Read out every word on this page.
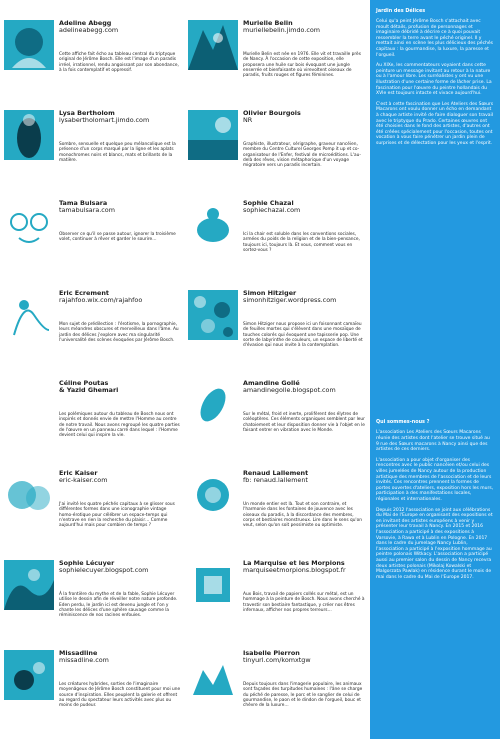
Adeline Abegg

adelineabegg.com

Cette affiche fait écho au tableau central du triptyque original de Jérôme Bosch. Elle est l'image d'un paradis irréel, irrationnel, rendu angoissant par son abondance, à la fois contemplatif et oppressif.

Murielle Belin

muriellebelin.jimdo.com

Murielle Belin est née en 1976. Elle vit et travaille près de Nancy. À l'occasion de cette exposition, elle proposera une huile sur bois évoquant une jungle enserrée et bienfaisante où virevoltent oiseaux de paradis, fruits rouges et figures féminines.

Lysa Bertholom

lysabertholomart.jimdo.com

Sombre, sensuelle et quelque peu mélancolique est la présence d'un corps marqué par la ligne et les aplats monochromes noirs et blancs, mats et brillants de la matière.

Olivier Bourgois

NR

Graphiste, illustrateur, sérigraphe, graveur nancéien, membre du Centre Culturel Georges Pomp it up et co-organisateur de l'Enfer, festival de microéditions. L'au-delà des rêves, vision métaphorique d'un voyage migratoire vers un paradis incertain.

Tama Bulsara

tamabulsara.com

Observer ce qu'il se passe autour, ignorer la troisième volet, continuer à rêver et garder le sourire…

Sophie Chazal

sophiechazal.com

Ici la chair est soluble dans les conventions sociales, armées du poids de la religion et de la bien-pensance, toujours ici, toujours là. Et vous, comment vous en sortez-vous ?

Eric Ecrement

rajahfoo.wix.com/rajahfoo

Mon sujet de prédilection : l'érotisme, la pornographie, leurs méandres obscures et merveilleux dans l'âme. Au jardin des délices j'explore avec ma singularité l'universalité des scènes évoquées par Jérôme Bosch.

Simon Hitziger

simonhitziger.wordpress.com

Simon Hitziger nous propose ici un foisonnant camaïeu de feuilles mortes qui s'élèvent dans une mosaïque de touches colorés qui évoquent une tapisserie pop. Une sorte de labyrinthe de couleurs, un espace de liberté et d'évasion qui nous invite à la contemplation.

Céline Poutas
& Yazid Ghemari

Les polémiques autour du tableau de Bosch nous ont inspirés et donnés envie de mettre l'Homme au centre de notre travail. Nous avons regroupé les quatre parties de l'œuvre en un panneau carré dans lequel : l'Homme devient celui qui inspire la vie.

Amandine Gollé

amandinegolle.blogspot.com

Sur le métal, froid et inerte, prolifèrent des élytres de coléoptères. Ces éléments organiques semblent par leur chatoiement et leur disposition donner vie à l'objet en le faisant entrer en vibration avec le Monde.

Eric Kaiser

eric-kaiser.com

J'ai invité les quatre péchés capitaux à se glisser sous différentes formes dans une iconographie vintage homo-érotique pour célébrer un espace-temps qui n'entrave en rien la recherche du plaisir… Comme aujourd'hui mais pour combien de temps ?

Renaud Lallement

fb: renaud.lallement

Un monde entier est là. Tout et son contraire, et l'harmonie dans les fontaines de jouvence avec les oiseaux du paradis, à la discordance des membres, corps et bestiaires monstrueux. Lire dans le sens qu'on veut, selon qu'on soit pessimiste ou optimiste.

Sophie Lécuyer

sophielecuyer.blogspot.com

À la frontière du mythe et de la fable, Sophie Lécuyer utilise le dessin afin de réveiller notre nature profonde. Eden perdu, le jardin ici est devenu jungle et l'on y chante les délices d'une sphère sauvage comme la réminiscence de nos racines enfouies.

La Marquise et les Morpions

marquiseetmorpions.blogspot.fr

Aux Bois, travail de papiers collés sur métal, est un hommage à la peinture de Bosch. Nous avons cherché à travestir son bestiaire fantastique, y créer nos êtres infernaux, afficher nos propres terreurs…

Missadline

missadline.com

Les créatures hybrides, sorties de l'imaginaire moyenâgeux de Jérôme Bosch constituent pour moi une source d'inspiration. Elles peuplent la galerie et offrent au regard du spectateur leurs activités avec plus ou moins de pudeur.

Isabelle Pierron

tinyurl.com/komxtgw

Depuis toujours dans l'imagerie populaire, les animaux sont façades des turpitudes humaines : l'âne se charge du péché de paresse, le porc et le sanglier de celui de gourmandise, le paon et le dindon de l'orgueil, bouc et chèvre de la luxure…

Jardin des Délices

Celui qu'a peint Jérôme Bosch s'attachait avec moult détails, profusion de personnages et imaginaire débridé à décrire ce à quoi pouvait ressembler la terre avant le péché originel. Il y mettait ainsi en scène les plus délicieux des péchés capitaux : la gourmandise, la luxure, la paresse et l'orgueil.

Au XIXe, les commentateurs voyaient dans cette peinture un message invitant au retour à la nature ou à l'amour libre. Les surréalistes y ont vu une illustration d'une certaine forme de lâcher prise. La fascination pour l'œuvre du peintre hollandais du XVIe est toujours intacte et vivace aujourd'hui.

C'est à cette fascination que Les Ateliers des Sœurs Macarons ont voulu donner un écho en demandant à chaque artiste invité de faire dialoguer son travail avec le triptyque du Prado. Certaines œuvres ont été choisies dans le fond des artistes, d'autres ont été créées spécialement pour l'occasion, toutes ont vocation à vous faire pénétrer un jardin plein de surprises et de délectation pour les yeux et l'esprit.

Qui sommes-nous ?

L'association Les Ateliers des Sœurs Macarons réunie des artistes dont l'atelier se trouve situé au 9 rue des Sœurs macarons à Nancy ainsi que des artistes de ces derniers.

L'association a pour objet d'organiser des rencontres avec le public nancéien et/ou celui des villes jumelées de Nancy autour de la production artistique des membres de l'association et de leurs invités. Ces rencontres prennent la formes de portes ouvertes d'ateliers, exposition hors les murs, participation à des manifestations locales, régionales et internationales.

Depuis 2012 l'association se joint aux célébrations du Mai de l'Europe en organisant des expositions et en invitant des artistes européens à venir y présenter leur travail à Nancy. En 2015 et 2016 l'association a participé à des expositions à Varsovie, à Rawa et à Lublin en Pologne. En 2017 dans le cadre du jumelage Nancy Lublin, l'association a participé à l'exposition hommage au peintre polonais Witkacy. L'association a participé aussi au premier salon du dessin de Nancy recevra deux artistes polonais (Mikolaj Kowalski et Malgorzata Pawlak) en résidence durant le mois de mai dans le cadre du Mai de l'Europe 2017.
